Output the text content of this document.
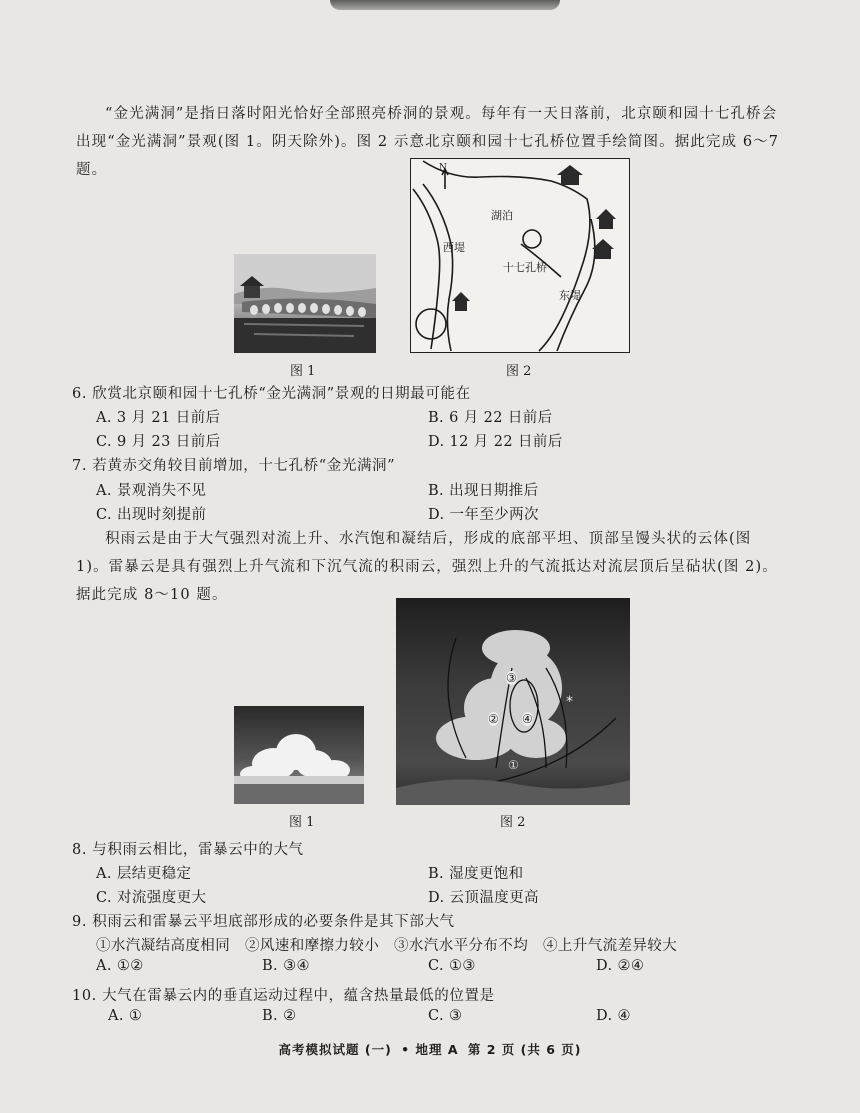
“金光满洞”是指日落时阳光恰好全部照亮桥洞的景观。每年有一天日落前，北京颐和园十七孔桥会出现“金光满洞”景观(图 1。阴天除外)。图 2 示意北京颐和园十七孔桥位置手绘简图。据此完成 6～7 题。

图 1
N
湖泊
西堤
十七孔桥
东堤
图 2
6. 欣赏北京颐和园十七孔桥“金光满洞”景观的日期最可能在
A. 3 月 21 日前后	B. 6 月 22 日前后
C. 9 月 23 日前后	D. 12 月 22 日前后
7. 若黄赤交角较目前增加，十七孔桥“金光满洞”
A. 景观消失不见	B. 出现日期推后
C. 出现时刻提前	D. 一年至少两次

积雨云是由于大气强烈对流上升、水汽饱和凝结后，形成的底部平坦、顶部呈馒头状的云体(图 1)。雷暴云是具有强烈上升气流和下沉气流的积雨云，强烈上升的气流抵达对流层顶后呈砧状(图 2)。据此完成 8～10 题。

图 1
*
③
② ④
①
图 2
8. 与积雨云相比，雷暴云中的大气
A. 层结更稳定	B. 湿度更饱和
C. 对流强度更大	D. 云顶温度更高
9. 积雨云和雷暴云平坦底部形成的必要条件是其下部大气
①水汽凝结高度相同　②风速和摩擦力较小　③水汽水平分布不均　④上升气流差异较大
A. ①②	B. ③④	C. ①③	D. ②④
10. 大气在雷暴云内的垂直运动过程中，蕴含热量最低的位置是
A. ①	B. ②	C. ③	D. ④
高考模拟试题 (一) • 地理 A 第 2 页 (共 6 页)
